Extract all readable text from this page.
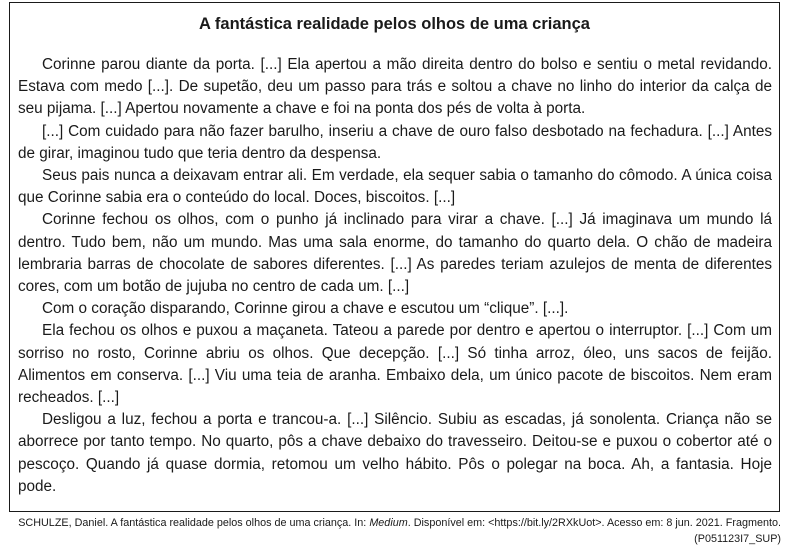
A fantástica realidade pelos olhos de uma criança

Corinne parou diante da porta. [...] Ela apertou a mão direita dentro do bolso e sentiu o metal revidando. Estava com medo [...]. De supetão, deu um passo para trás e soltou a chave no linho do interior da calça de seu pijama. [...] Apertou novamente a chave e foi na ponta dos pés de volta à porta.

[...] Com cuidado para não fazer barulho, inseriu a chave de ouro falso desbotado na fechadura. [...] Antes de girar, imaginou tudo que teria dentro da despensa.

Seus pais nunca a deixavam entrar ali. Em verdade, ela sequer sabia o tamanho do cômodo. A única coisa que Corinne sabia era o conteúdo do local. Doces, biscoitos. [...]

Corinne fechou os olhos, com o punho já inclinado para virar a chave. [...] Já imaginava um mundo lá dentro. Tudo bem, não um mundo. Mas uma sala enorme, do tamanho do quarto dela. O chão de madeira lembraria barras de chocolate de sabores diferentes. [...] As paredes teriam azulejos de menta de diferentes cores, com um botão de jujuba no centro de cada um. [...]

Com o coração disparando, Corinne girou a chave e escutou um “clique”. [...].

Ela fechou os olhos e puxou a maçaneta. Tateou a parede por dentro e apertou o interruptor. [...] Com um sorriso no rosto, Corinne abriu os olhos. Que decepção. [...] Só tinha arroz, óleo, uns sacos de feijão. Alimentos em conserva. [...] Viu uma teia de aranha. Embaixo dela, um único pacote de biscoitos. Nem eram recheados. [...]

Desligou a luz, fechou a porta e trancou-a. [...] Silêncio. Subiu as escadas, já sonolenta. Criança não se aborrece por tanto tempo. No quarto, pôs a chave debaixo do travesseiro. Deitou-se e puxou o cobertor até o pescoço. Quando já quase dormia, retomou um velho hábito. Pôs o polegar na boca. Ah, a fantasia. Hoje pode.

SCHULZE, Daniel. A fantástica realidade pelos olhos de uma criança. In: Medium. Disponível em: <https://bit.ly/2RXkUot>. Acesso em: 8 jun. 2021. Fragmento. (P051123I7_SUP)
